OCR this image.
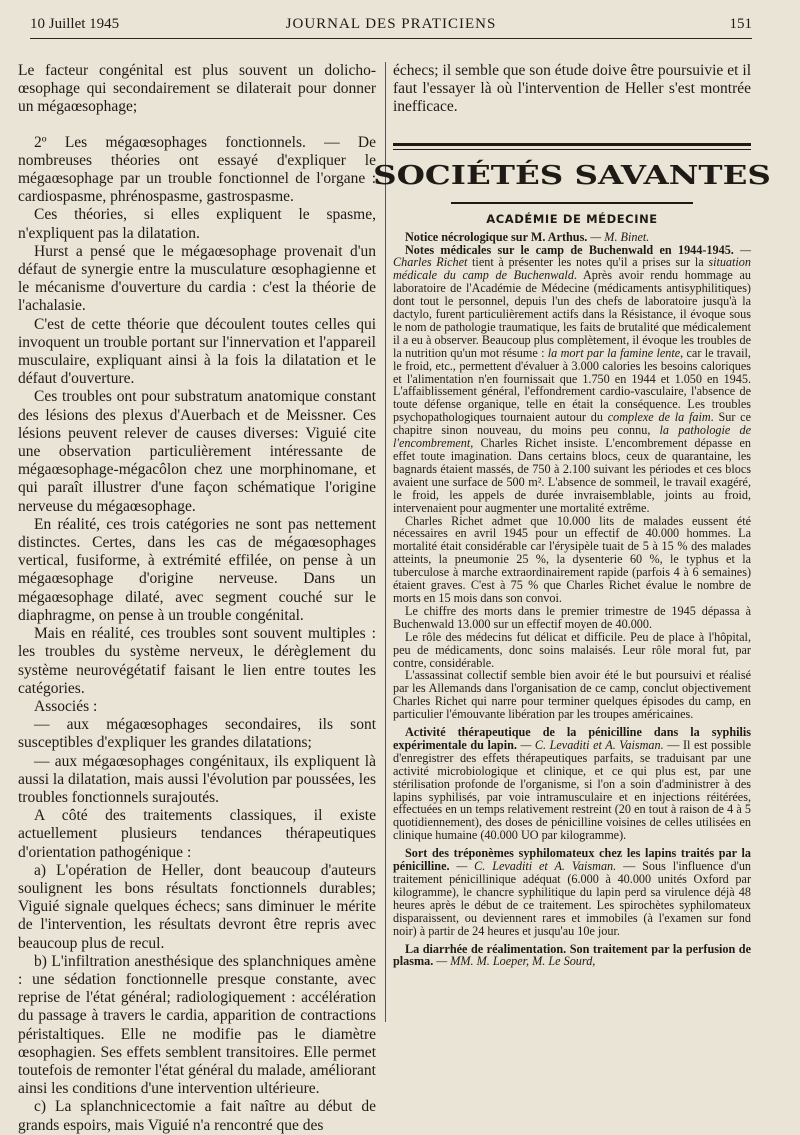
10 Juillet 1945	JOURNAL DES PRATICIENS	151

Le facteur congénital est plus souvent un dolicho-œsophage qui secondairement se dilaterait pour donner un mégaœsophage;

2º Les mégaœsophages fonctionnels. — De nombreuses théories ont essayé d'expliquer le mégaœsophage par un trouble fonctionnel de l'organe : cardiospasme, phrénospasme, gastrospasme.

Ces théories, si elles expliquent le spasme, n'expliquent pas la dilatation.

Hurst a pensé que le mégaœsophage provenait d'un défaut de synergie entre la musculature œsophagienne et le mécanisme d'ouverture du cardia : c'est la théorie de l'achalasie.

C'est de cette théorie que découlent toutes celles qui invoquent un trouble portant sur l'innervation et l'appareil musculaire, expliquant ainsi à la fois la dilatation et le défaut d'ouverture.

Ces troubles ont pour substratum anatomique constant des lésions des plexus d'Auerbach et de Meissner. Ces lésions peuvent relever de causes diverses: Viguié cite une observation particulièrement intéressante de mégaœsophage-mégacôlon chez une morphinomane, et qui paraît illustrer d'une façon schématique l'origine nerveuse du mégaœsophage.

En réalité, ces trois catégories ne sont pas nettement distinctes. Certes, dans les cas de mégaœsophages vertical, fusiforme, à extrémité effilée, on pense à un mégaœsophage d'origine nerveuse. Dans un mégaœsophage dilaté, avec segment couché sur le diaphragme, on pense à un trouble congénital.

Mais en réalité, ces troubles sont souvent multiples : les troubles du système nerveux, le dérèglement du système neurovégétatif faisant le lien entre toutes les catégories.

Associés :

— aux mégaœsophages secondaires, ils sont susceptibles d'expliquer les grandes dilatations;

— aux mégaœsophages congénitaux, ils expliquent là aussi la dilatation, mais aussi l'évolution par poussées, les troubles fonctionnels surajoutés.

A côté des traitements classiques, il existe actuellement plusieurs tendances thérapeutiques d'orientation pathogénique :

a) L'opération de Heller, dont beaucoup d'auteurs soulignent les bons résultats fonctionnels durables; Viguié signale quelques échecs; sans diminuer le mérite de l'intervention, les résultats devront être repris avec beaucoup plus de recul.

b) L'infiltration anesthésique des splanchniques amène : une sédation fonctionnelle presque constante, avec reprise de l'état général; radiologiquement : accélération du passage à travers le cardia, apparition de contractions péristaltiques. Elle ne modifie pas le diamètre œsophagien. Ses effets semblent transitoires. Elle permet toutefois de remonter l'état général du malade, améliorant ainsi les conditions d'une intervention ultérieure.

c) La splanchnicectomie a fait naître au début de grands espoirs, mais Viguié n'a rencontré que des

échecs; il semble que son étude doive être poursuivie et il faut l'essayer là où l'intervention de Heller s'est montrée inefficace.

SOCIÉTÉS SAVANTES
ACADÉMIE DE MÉDECINE

Notice nécrologique sur M. Arthus. — M. Binet.

Notes médicales sur le camp de Buchenwald en 1944-1945. — Charles Richet tient à présenter les notes qu'il a prises sur la situation médicale du camp de Buchenwald. Après avoir rendu hommage au laboratoire de l'Académie de Médecine (médicaments antisyphilitiques) dont tout le personnel, depuis l'un des chefs de laboratoire jusqu'à la dactylo, furent particulièrement actifs dans la Résistance, il évoque sous le nom de pathologie traumatique, les faits de brutalité que médicalement il a eu à observer. Beaucoup plus complètement, il évoque les troubles de la nutrition qu'un mot résume : la mort par la famine lente, car le travail, le froid, etc., permettent d'évaluer à 3.000 calories les besoins caloriques et l'alimentation n'en fournissait que 1.750 en 1944 et 1.050 en 1945. L'affaiblissement général, l'effondrement cardio-vasculaire, l'absence de toute défense organique, telle en était la conséquence. Les troubles psychopathologiques tournaient autour du complexe de la faim. Sur ce chapitre sinon nouveau, du moins peu connu, la pathologie de l'encombrement, Charles Richet insiste. L'encombrement dépasse en effet toute imagination. Dans certains blocs, ceux de quarantaine, les bagnards étaient massés, de 750 à 2.100 suivant les périodes et ces blocs avaient une surface de 500 m². L'absence de sommeil, le travail exagéré, le froid, les appels de durée invraisemblable, joints au froid, intervenaient pour augmenter une mortalité extrême.

Charles Richet admet que 10.000 lits de malades eussent été nécessaires en avril 1945 pour un effectif de 40.000 hommes. La mortalité était considérable car l'érysipèle tuait de 5 à 15 % des malades atteints, la pneumonie 25 %, la dysenterie 60 %, le typhus et la tuberculose à marche extraordinairement rapide (parfois 4 à 6 semaines) étaient graves. C'est à 75 % que Charles Richet évalue le nombre de morts en 15 mois dans son convoi.

Le chiffre des morts dans le premier trimestre de 1945 dépassa à Buchenwald 13.000 sur un effectif moyen de 40.000.

Le rôle des médecins fut délicat et difficile. Peu de place à l'hôpital, peu de médicaments, donc soins malaisés. Leur rôle moral fut, par contre, considérable.

L'assassinat collectif semble bien avoir été le but poursuivi et réalisé par les Allemands dans l'organisation de ce camp, conclut objectivement Charles Richet qui narre pour terminer quelques épisodes du camp, en particulier l'émouvante libération par les troupes américaines.

Activité thérapeutique de la pénicilline dans la syphilis expérimentale du lapin. — C. Levaditi et A. Vaisman. — Il est possible d'enregistrer des effets thérapeutiques parfaits, se traduisant par une activité microbiologique et clinique, et ce qui plus est, par une stérilisation profonde de l'organisme, si l'on a soin d'administrer à des lapins syphilisés, par voie intramusculaire et en injections réitérées, effectuées en un temps relativement restreint (20 en tout à raison de 4 à 5 quotidiennement), des doses de pénicilline voisines de celles utilisées en clinique humaine (40.000 UO par kilogramme).

Sort des tréponèmes syphilomateux chez les lapins traités par la pénicilline. — C. Levaditi et A. Vaisman. — Sous l'influence d'un traitement pénicillinique adéquat (6.000 à 40.000 unités Oxford par kilogramme), le chancre syphilitique du lapin perd sa virulence déjà 48 heures après le début de ce traitement. Les spirochètes syphilomateux disparaissent, ou deviennent rares et immobiles (à l'examen sur fond noir) à partir de 24 heures et jusqu'au 10e jour.

La diarrhée de réalimentation. Son traitement par la perfusion de plasma. — MM. M. Loeper, M. Le Sourd,
